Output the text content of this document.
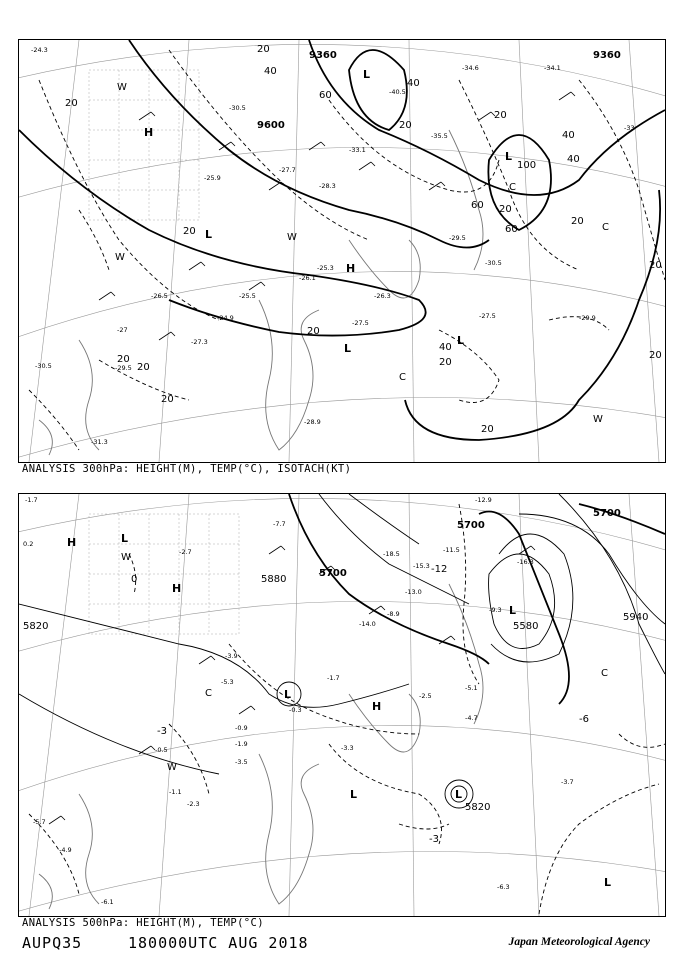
9360
9600
9360
20
20
40
60
40
20
20
60 20
40
60
100
40
20
20
20
20
20
20
40
20
20
20
20
H
L
L
H
L
L
L
W
W
W
W
C
C
C
-24.3
-30.5
-25.9
-27.7
-28.3
-33.1
-35.5
-34.6
-30.5
-29.5
-27.5
-26.3
-25.3
-24.9	-27.5
-29.5
-27.3
-30.5
-31.3
-28.9
-26.1
-29.9
-25.5
-26.5
-27
-40.5
-33
-34.1
ANALYSIS 300hPa: HEIGHT(M), TEMP(°C), ISOTACH(KT)
5700
5700
5700
5880
5820	5580
5940
5820
0
-12
-3
-6
-3
H	L
H
L
H
L
L
L
L
W
W
C
C
-1.7
0.2
-2.7
-4.9
-5.7
-6.1
-7.7
-11.5
-12.9
-16.3
-13.0
-14.0
-18.5
-15.3
-9.3
-8.9
-5.1
-4.7
-2.5
-3.3
-3.7
-6.3
-2.3
-1.1
-0.9
-3.5
-1.9
-0.5
-1.7
-5.3
-0.3
-3.9
ANALYSIS 500hPa: HEIGHT(M), TEMP(°C)
AUPQ35	180000UTC AUG 2018	Japan Meteorological Agency
